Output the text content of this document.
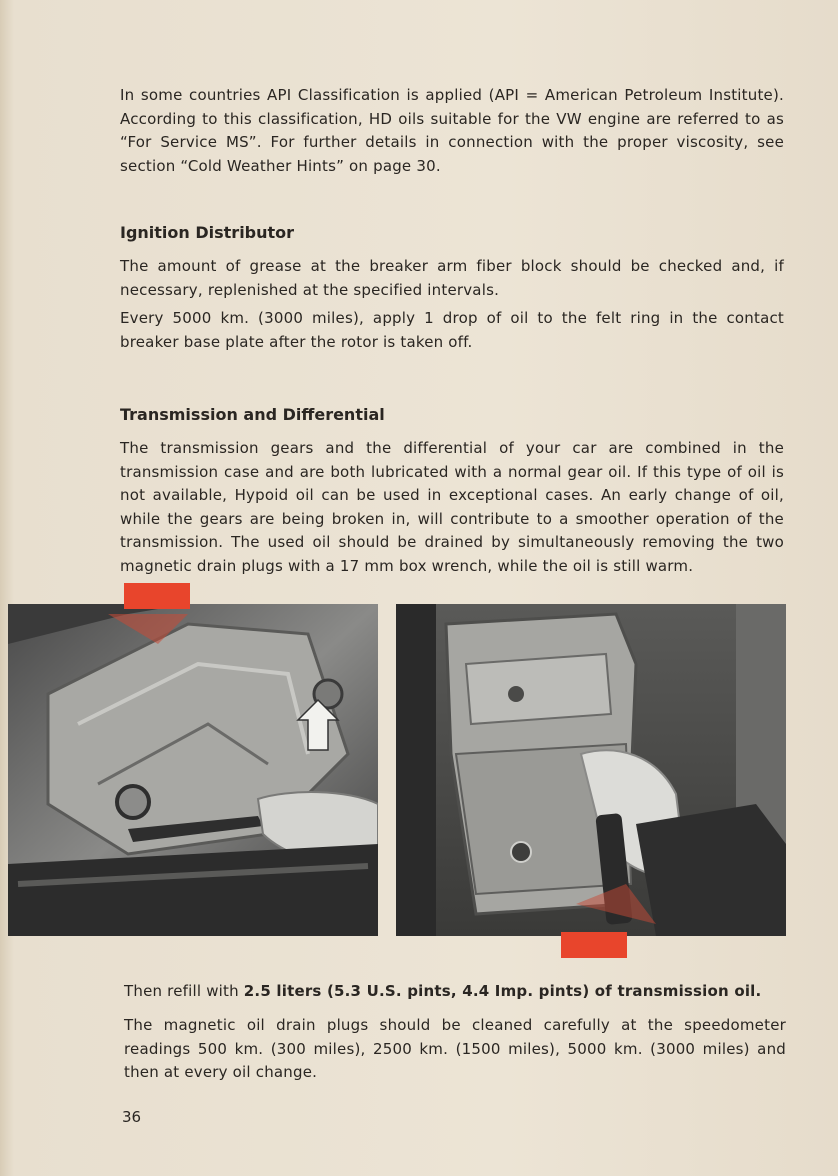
In some countries API Classification is applied (API = American Petroleum Institute). According to this classification, HD oils suitable for the VW engine are referred to as “For Service MS”. For further details in connection with the proper viscosity, see section “Cold Weather Hints” on page 30.

Ignition Distributor

The amount of grease at the breaker arm fiber block should be checked and, if necessary, replenished at the specified intervals.

Every 5000 km. (3000 miles), apply 1 drop of oil to the felt ring in the contact breaker base plate after the rotor is taken off.

Transmission and Differential

The transmission gears and the differential of your car are combined in the transmission case and are both lubricated with a normal gear oil. If this type of oil is not available, Hypoid oil can be used in exceptional cases. An early change of oil, while the gears are being broken in, will contribute to a smoother operation of the transmission. The used oil should be drained by simultaneously removing the two magnetic drain plugs with a 17 mm box wrench, while the oil is still warm.

Then refill with 2.5 liters (5.3 U.S. pints, 4.4 Imp. pints) of transmission oil.

The magnetic oil drain plugs should be cleaned carefully at the speedometer readings 500 km. (300 miles), 2500 km. (1500 miles), 5000 km. (3000 miles) and then at every oil change.

36
